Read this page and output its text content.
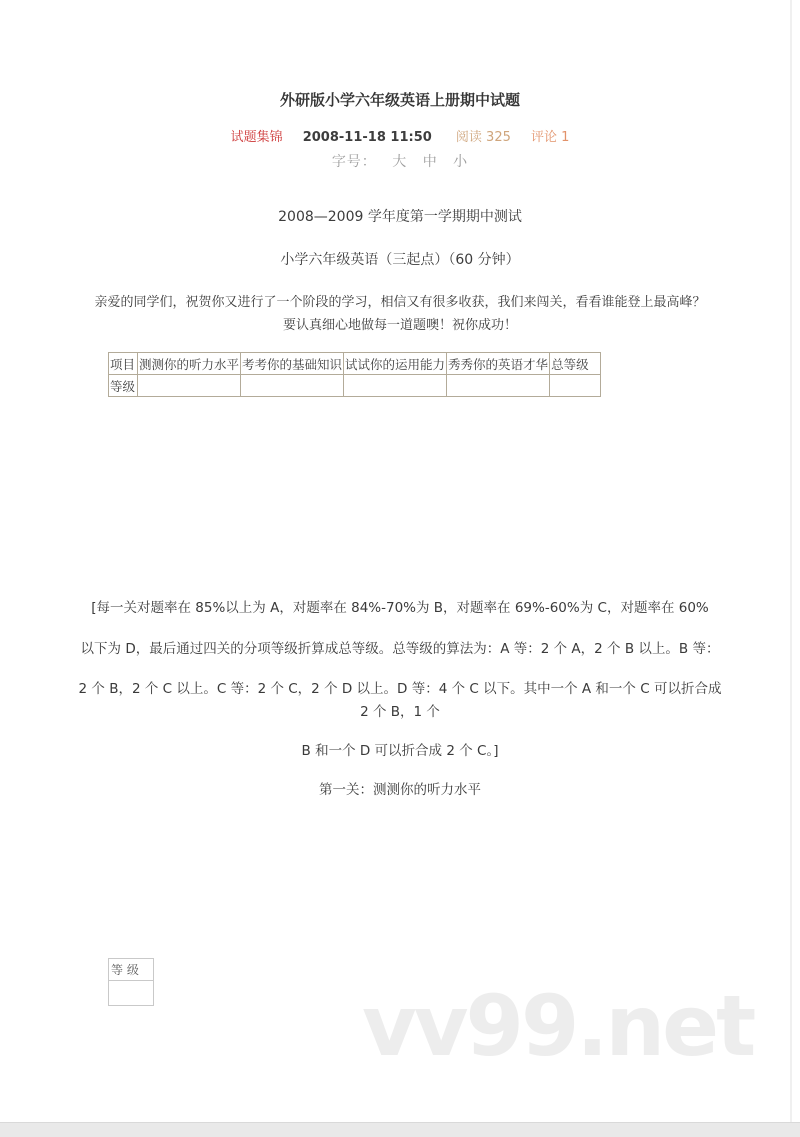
vv99.net
外研版小学六年级英语上册期中试题
试题集锦 2008-11-18 11:50 阅读 325 评论 1
字号： 大 中 小
2008—2009 学年度第一学期期中测试
小学六年级英语（三起点）（60 分钟）
亲爱的同学们，祝贺你又进行了一个阶段的学习，相信又有很多收获，我们来闯关，看看谁能登上最高峰？
要认真细心地做每一道题噢！祝你成功！
项目	测测你的听力水平	考考你的基础知识	试试你的运用能力	秀秀你的英语才华	总等级
等级					
[每一关对题率在 85%以上为 A，对题率在 84%-70%为 B，对题率在 69%-60%为 C，对题率在 60%
以下为 D，最后通过四关的分项等级折算成总等级。总等级的算法为：A 等：2 个 A，2 个 B 以上。B 等：
2 个 B，2 个 C 以上。C 等：2 个 C，2 个 D 以上。D 等：4 个 C 以下。其中一个 A 和一个 C 可以折合成
2 个 B，1 个
B 和一个 D 可以折合成 2 个 C。]
第一关：测测你的听力水平
等 级
